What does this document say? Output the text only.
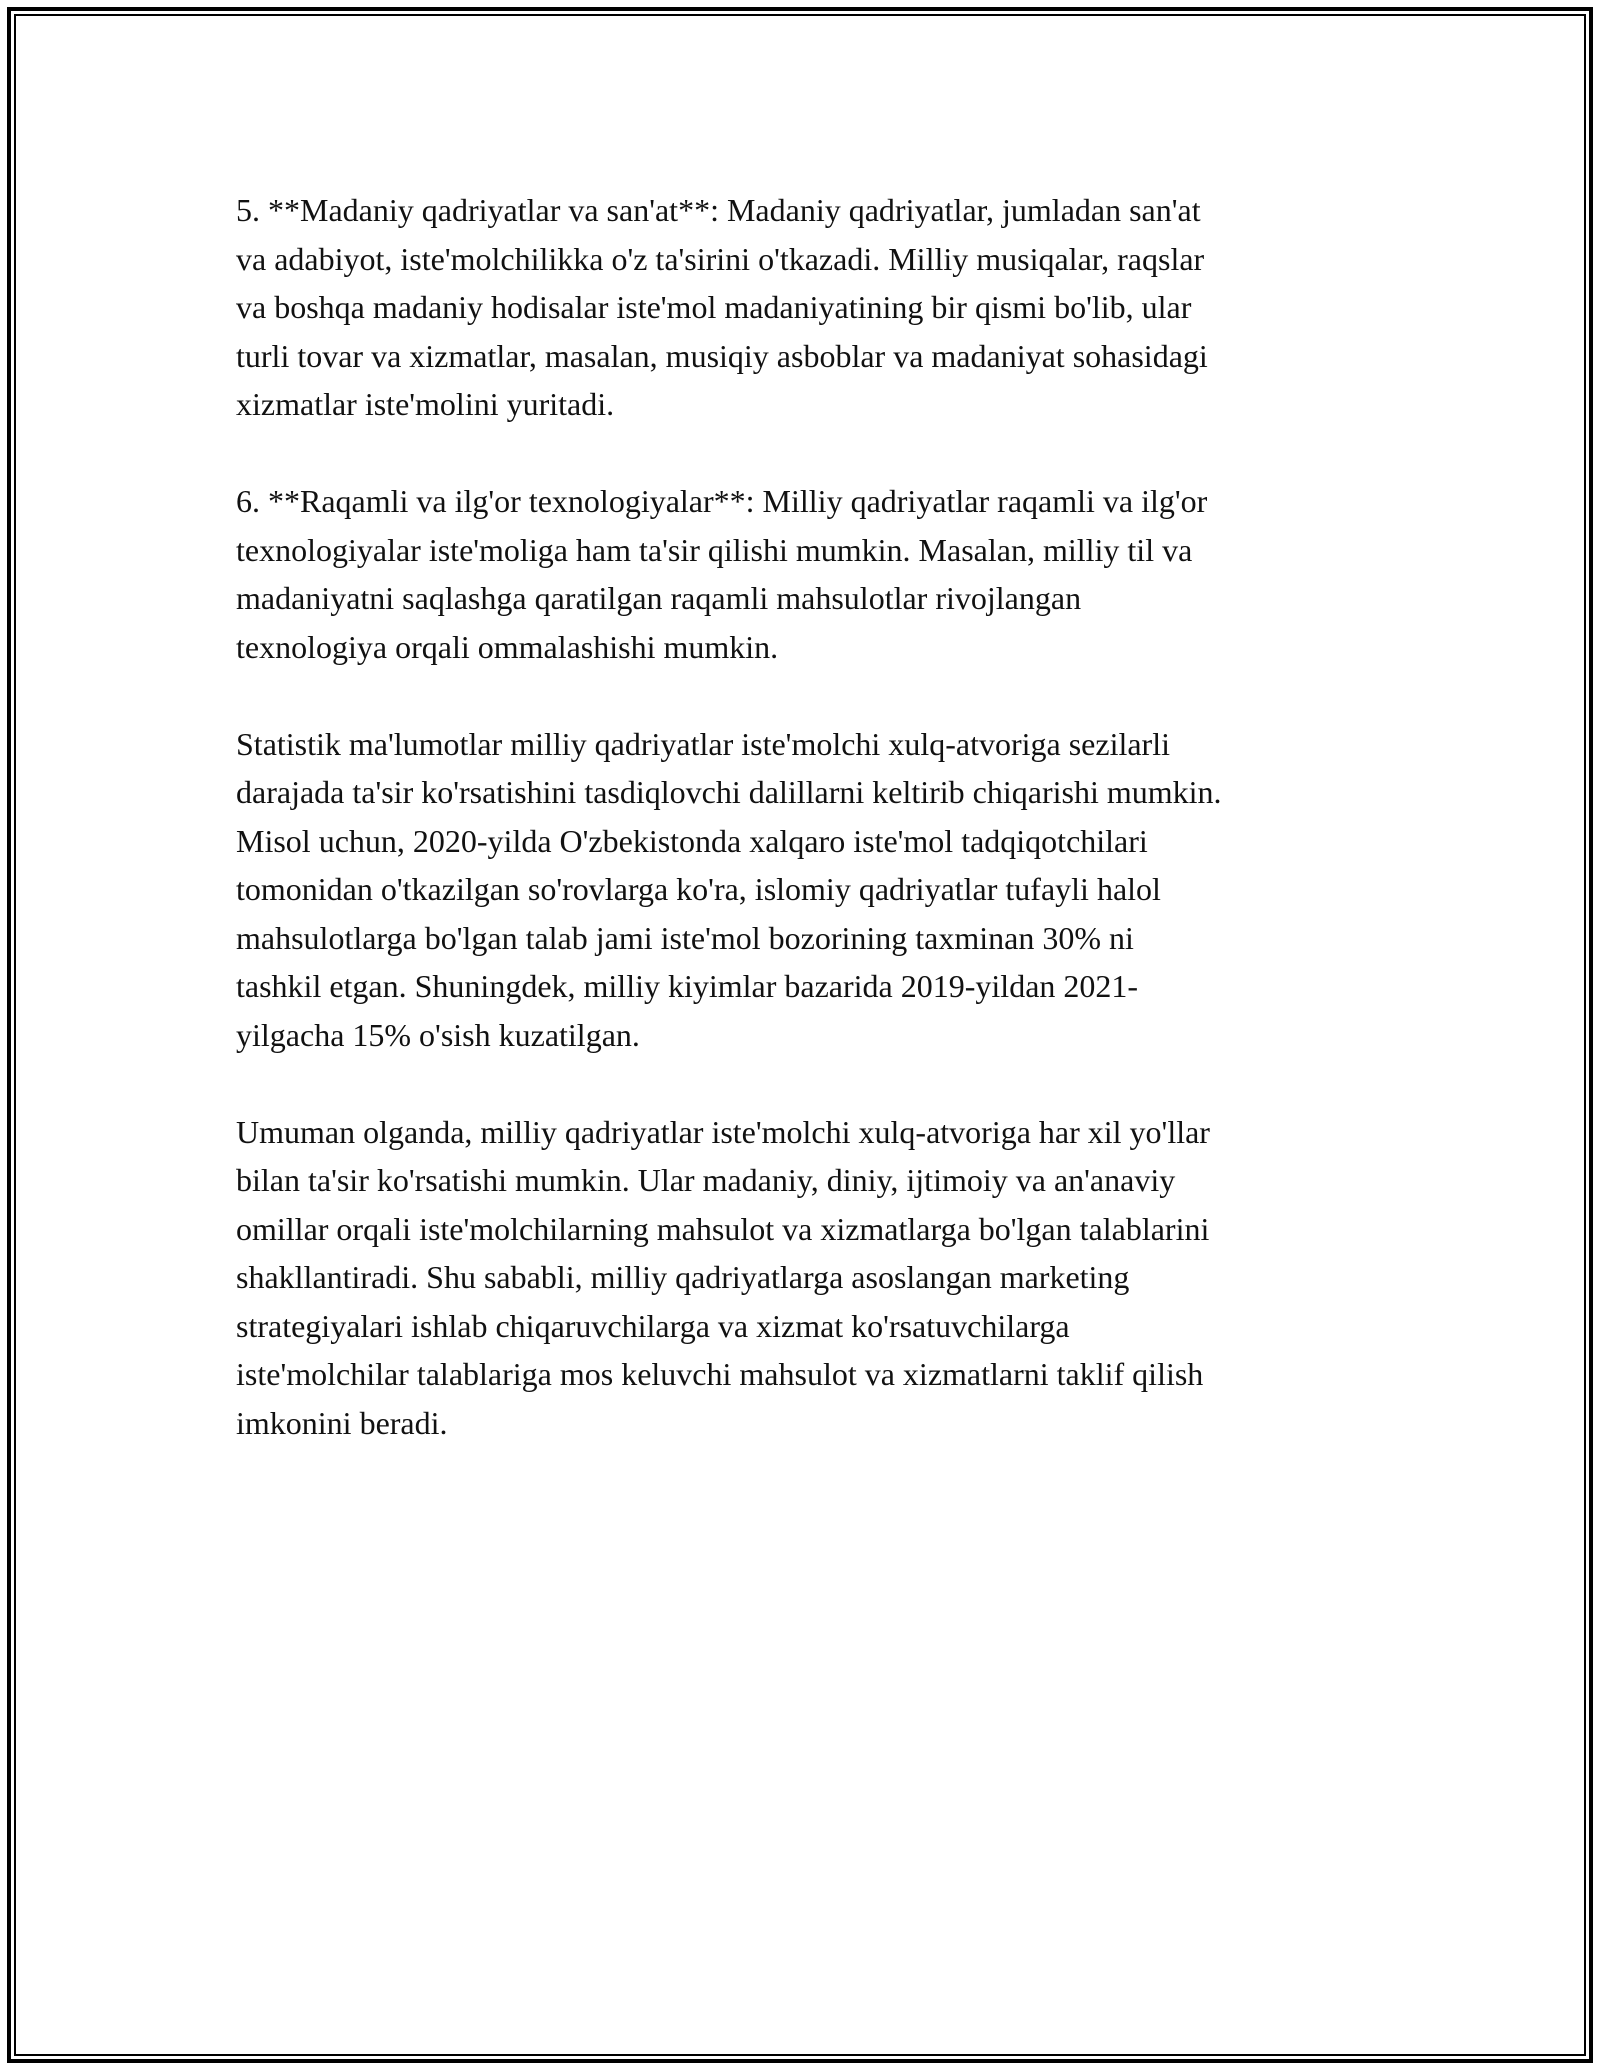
5. **Madaniy qadriyatlar va san'at**: Madaniy qadriyatlar, jumladan san'at
va adabiyot, iste'molchilikka o'z ta'sirini o'tkazadi. Milliy musiqalar, raqslar
va boshqa madaniy hodisalar iste'mol madaniyatining bir qismi bo'lib, ular
turli tovar va xizmatlar, masalan, musiqiy asboblar va madaniyat sohasidagi
xizmatlar iste'molini yuritadi.

6. **Raqamli va ilg'or texnologiyalar**: Milliy qadriyatlar raqamli va ilg'or
texnologiyalar iste'moliga ham ta'sir qilishi mumkin. Masalan, milliy til va
madaniyatni saqlashga qaratilgan raqamli mahsulotlar rivojlangan
texnologiya orqali ommalashishi mumkin.

Statistik ma'lumotlar milliy qadriyatlar iste'molchi xulq-atvoriga sezilarli
darajada ta'sir ko'rsatishini tasdiqlovchi dalillarni keltirib chiqarishi mumkin.
Misol uchun, 2020-yilda O'zbekistonda xalqaro iste'mol tadqiqotchilari
tomonidan o'tkazilgan so'rovlarga ko'ra, islomiy qadriyatlar tufayli halol
mahsulotlarga bo'lgan talab jami iste'mol bozorining taxminan 30% ni
tashkil etgan. Shuningdek, milliy kiyimlar bazarida 2019-yildan 2021-
yilgacha 15% o'sish kuzatilgan.

Umuman olganda, milliy qadriyatlar iste'molchi xulq-atvoriga har xil yo'llar
bilan ta'sir ko'rsatishi mumkin. Ular madaniy, diniy, ijtimoiy va an'anaviy
omillar orqali iste'molchilarning mahsulot va xizmatlarga bo'lgan talablarini
shakllantiradi. Shu sababli, milliy qadriyatlarga asoslangan marketing
strategiyalari ishlab chiqaruvchilarga va xizmat ko'rsatuvchilarga
iste'molchilar talablariga mos keluvchi mahsulot va xizmatlarni taklif qilish
imkonini beradi.
